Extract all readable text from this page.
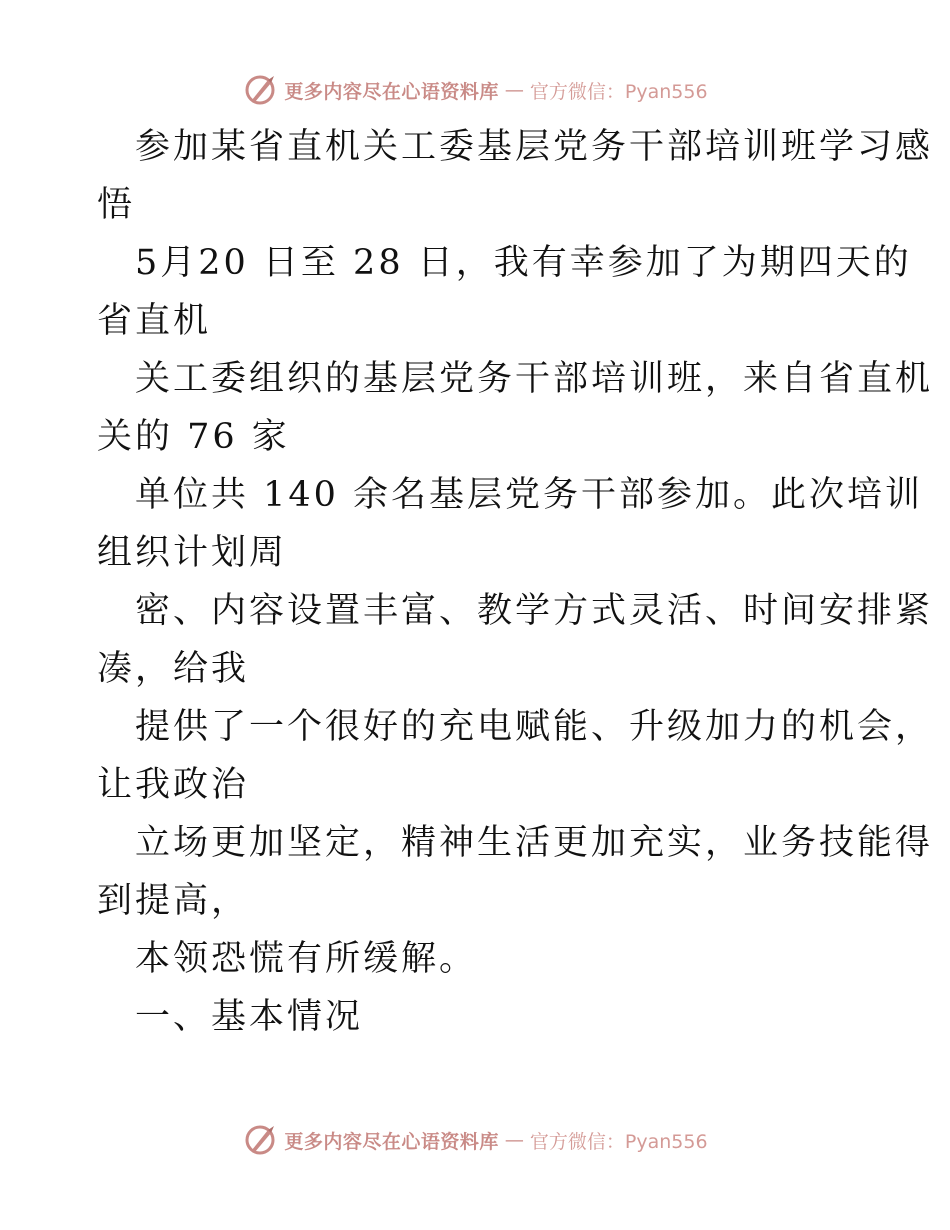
更多内容尽在心语资料库 — 官方微信：Pyan556

参加某省直机关工委基层党务干部培训班学习感

悟

5月20 日至 28 日，我有幸参加了为期四天的

省直机

关工委组织的基层党务干部培训班，来自省直机

关的 76 家

单位共 140 余名基层党务干部参加。此次培训

组织计划周

密、内容设置丰富、教学方式灵活、时间安排紧

凑，给我

提供了一个很好的充电赋能、升级加力的机会，

让我政治

立场更加坚定，精神生活更加充实，业务技能得

到提高，

本领恐慌有所缓解。

一、基本情况

更多内容尽在心语资料库 — 官方微信：Pyan556
